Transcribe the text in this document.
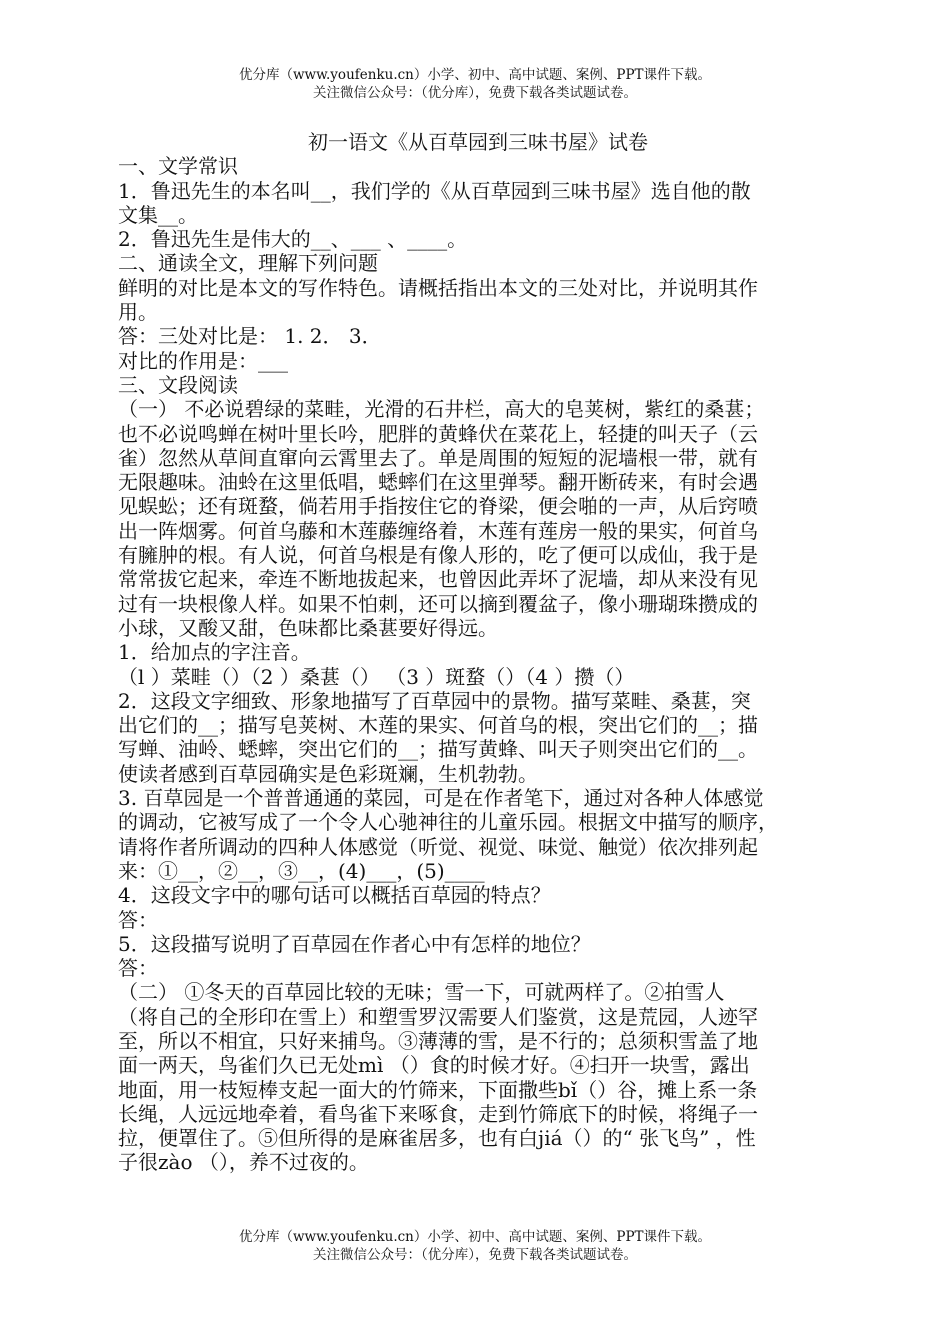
优分库（www.youfenku.cn）小学、初中、高中试题、案例、PPT课件下载。
关注微信公众号：（优分库），免费下载各类试题试卷。
初一语文《从百草园到三味书屋》试卷
一、文学常识
1．鲁迅先生的本名叫__，我们学的《从百草园到三味书屋》选自他的散
文集__。
2．鲁迅先生是伟大的__、___ 、____。
二、通读全文，理解下列问题
鲜明的对比是本文的写作特色。请概括指出本文的三处对比，并说明其作
用。
答：三处对比是： 1. 2． 3．
对比的作用是：___
三、文段阅读
（一） 不必说碧绿的菜畦，光滑的石井栏，高大的皂荚树，紫红的桑葚；
也不必说鸣蝉在树叶里长吟，肥胖的黄蜂伏在菜花上，轻捷的叫天子（云
雀）忽然从草间直窜向云霄里去了。单是周围的短短的泥墙根一带，就有
无限趣味。油蛉在这里低唱，蟋蟀们在这里弹琴。翻开断砖来，有时会遇
见蜈蚣；还有斑蝥，倘若用手指按住它的脊梁，便会啪的一声，从后窍喷
出一阵烟雾。何首乌藤和木莲藤缠络着，木莲有莲房一般的果实，何首乌
有臃肿的根。有人说，何首乌根是有像人形的，吃了便可以成仙，我于是
常常拔它起来，牵连不断地拔起来，也曾因此弄坏了泥墙，却从来没有见
过有一块根像人样。如果不怕刺，还可以摘到覆盆子，像小珊瑚珠攒成的
小球，又酸又甜，色味都比桑葚要好得远。
1．给加点的字注音。
（l ）菜畦（）（2 ）桑葚（） （3 ）斑蝥（）（4 ）攒（）
2．这段文字细致、形象地描写了百草园中的景物。描写菜畦、桑葚，突
出它们的__；描写皂荚树、木莲的果实、何首乌的根，突出它们的__；描
写蝉、油岭、蟋蟀，突出它们的__；描写黄蜂、叫天子则突出它们的__。
使读者感到百草园确实是色彩斑斓，生机勃勃。
3. 百草园是一个普普通通的菜园，可是在作者笔下，通过对各种人体感觉
的调动，它被写成了一个令人心驰神往的儿童乐园。根据文中描写的顺序，
请将作者所调动的四种人体感觉（听觉、视觉、味觉、触觉）依次排列起
来：①__，②__，③__，(4)___，(5)____
4．这段文字中的哪句话可以概括百草园的特点？
答：
5．这段描写说明了百草园在作者心中有怎样的地位？
答：
（二） ①冬天的百草园比较的无味；雪一下，可就两样了。②拍雪人
（将自己的全形印在雪上）和塑雪罗汉需要人们鉴赏，这是荒园，人迹罕
至，所以不相宜，只好来捕鸟。③薄薄的雪，是不行的；总须积雪盖了地
面一两天，鸟雀们久已无处mì （）食的时候才好。④扫开一块雪，露出
地面，用一枝短棒支起一面大的竹筛来，下面撒些bǐ（）谷，摊上系一条
长绳，人远远地牵着，看鸟雀下来啄食，走到竹筛底下的时候，将绳子一
拉，便罩住了。⑤但所得的是麻雀居多，也有白jiá（）的“ 张飞鸟” ，性
子很zào （），养不过夜的。
优分库（www.youfenku.cn）小学、初中、高中试题、案例、PPT课件下载。
关注微信公众号：（优分库），免费下载各类试题试卷。
